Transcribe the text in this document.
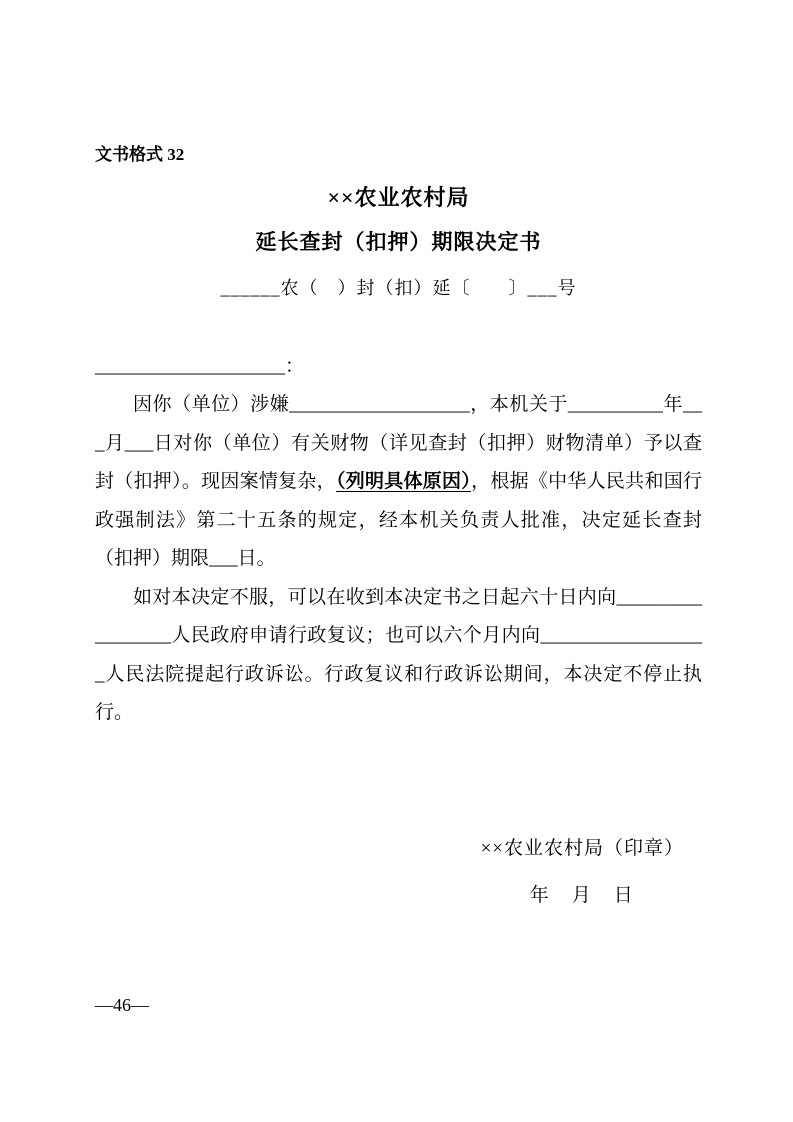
文书格式 32
××农业农村局
延长查封（扣押）期限决定书
______农（　）封（扣）延〔　　〕___号
____________________：

因你（单位）涉嫌___________________，本机关于__________年___月___日对你（单位）有关财物（详见查封（扣押）财物清单）予以查封（扣押）。现因案情复杂，（列明具体原因），根据《中华人民共和国行政强制法》第二十五条的规定，经本机关负责人批准，决定延长查封（扣押）期限___日。

如对本决定不服，可以在收到本决定书之日起六十日内向_________________人民政府申请行政复议；也可以六个月内向__________________人民法院提起行政诉讼。行政复议和行政诉讼期间，本决定不停止执行。

××农业农村局（印章）
年　月　日
—46—
